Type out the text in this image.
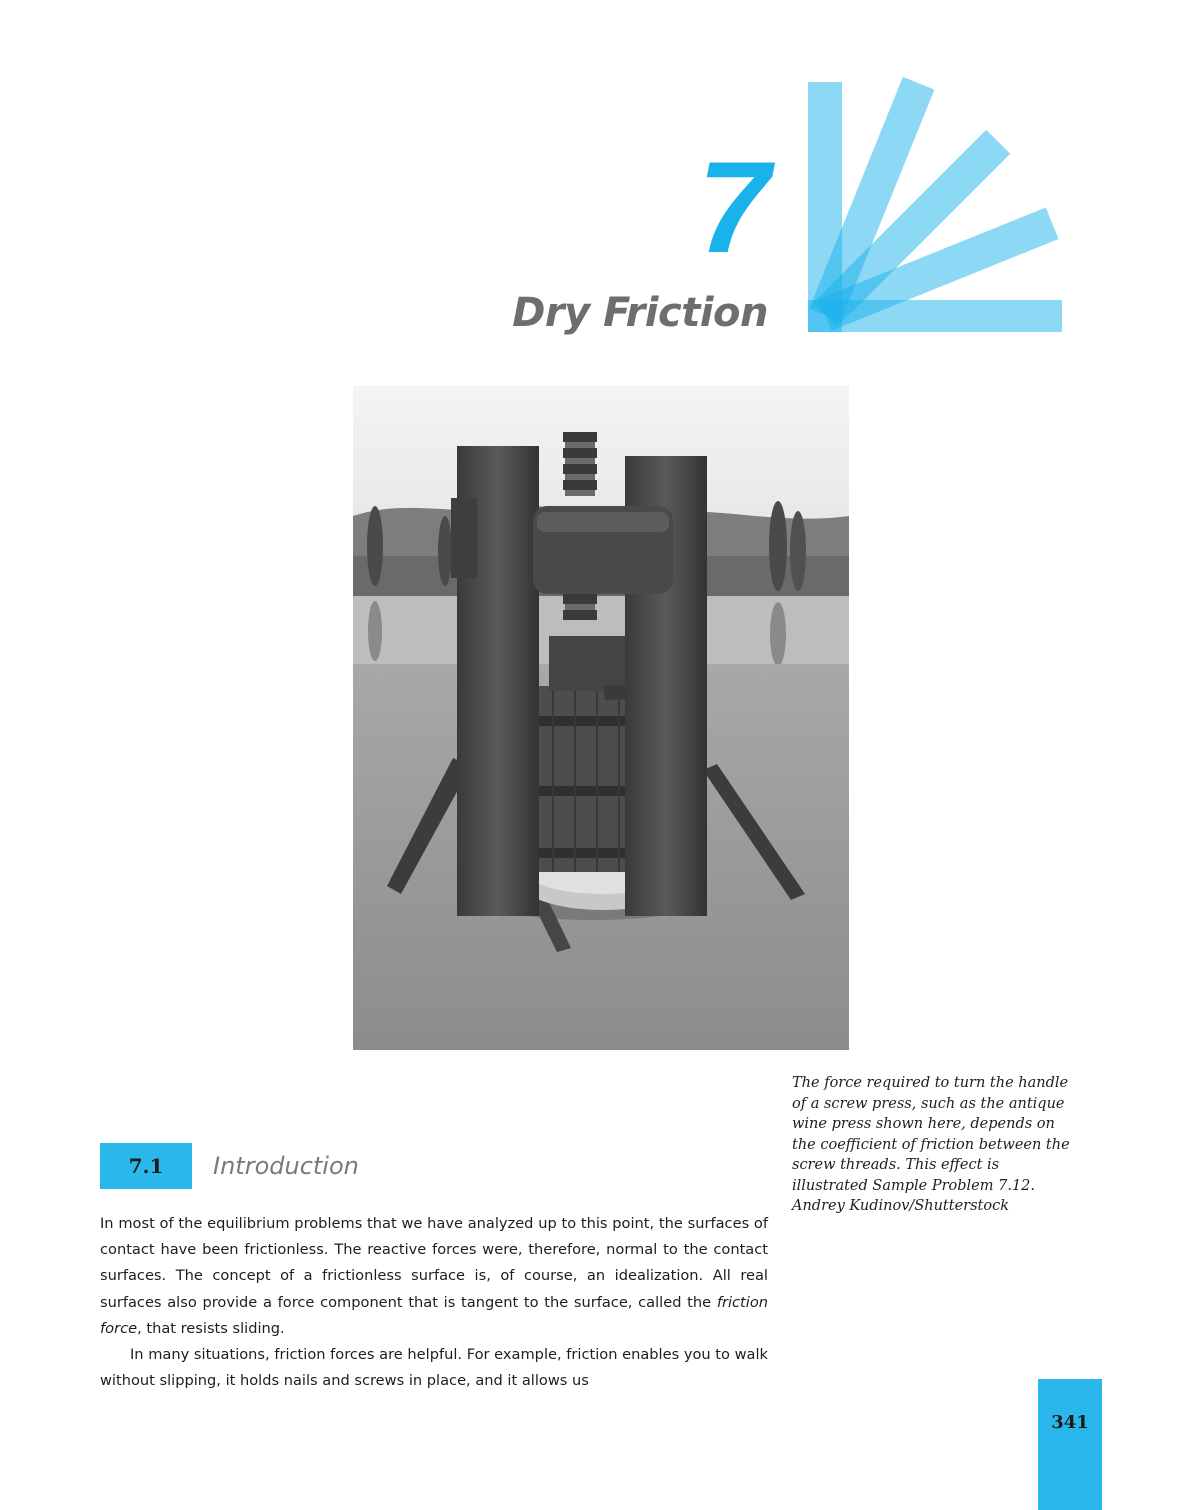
7
Dry Friction

The force required to turn the handle

of a screw press, such as the antique

wine press shown here, depends on

the coefficient of friction between the

screw threads. This effect is

illustrated Sample Problem 7.12.

Andrey Kudinov/Shutterstock

7.1	Introduction

In most of the equilibrium problems that we have analyzed up to this point, the surfaces of contact have been frictionless. The reactive forces were, therefore, normal to the contact surfaces. The concept of a frictionless surface is, of course, an idealization. All real surfaces also provide a force component that is tangent to the surface, called the friction force, that resists sliding.

In many situations, friction forces are helpful. For example, friction enables you to walk without slipping, it holds nails and screws in place, and it allows us

341
